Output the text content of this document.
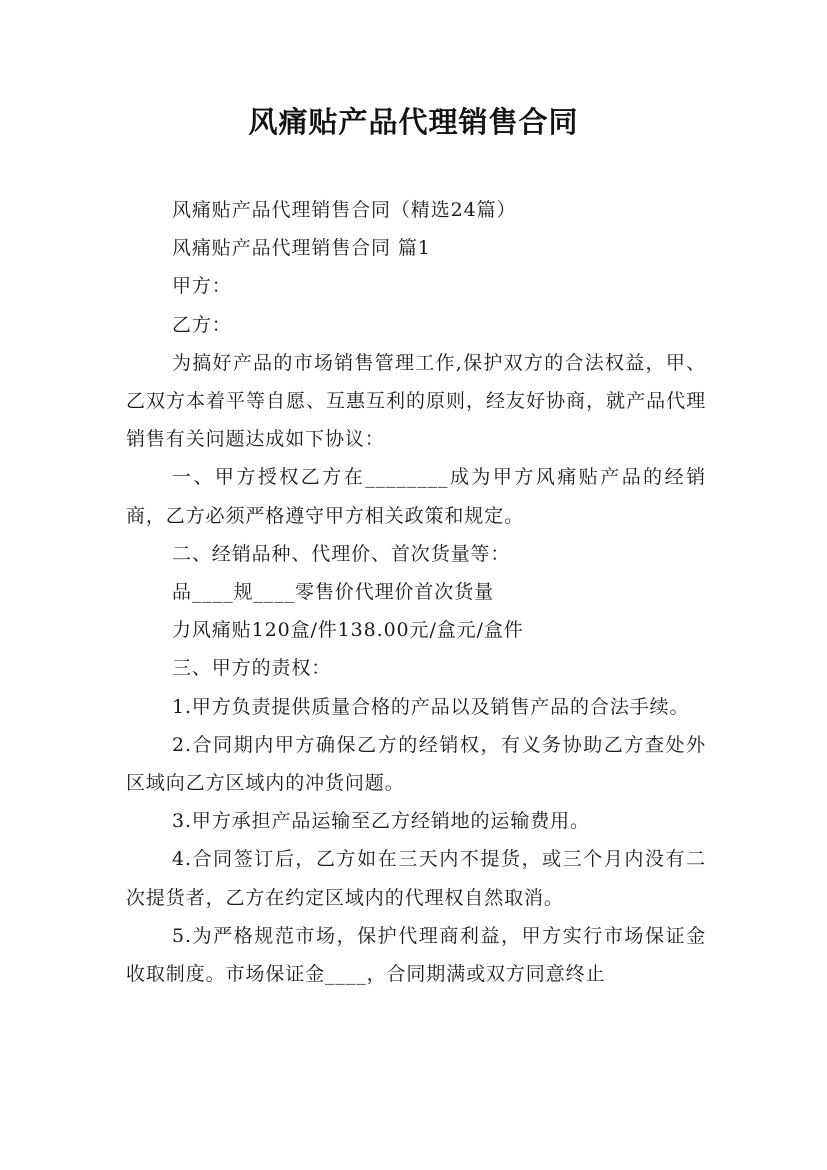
风痛贴产品代理销售合同

风痛贴产品代理销售合同（精选24篇）

风痛贴产品代理销售合同 篇1

甲方：

乙方：

为搞好产品的市场销售管理工作,保护双方的合法权益，甲、乙双方本着平等自愿、互惠互利的原则，经友好协商，就产品代理销售有关问题达成如下协议：

一、甲方授权乙方在________成为甲方风痛贴产品的经销商，乙方必须严格遵守甲方相关政策和规定。

二、经销品种、代理价、首次货量等：

品____规____零售价代理价首次货量

力风痛贴120盒/件138.00元/盒元/盒件

三、甲方的责权：

1.甲方负责提供质量合格的产品以及销售产品的合法手续。

2.合同期内甲方确保乙方的经销权，有义务协助乙方查处外区域向乙方区域内的冲货问题。

3.甲方承担产品运输至乙方经销地的运输费用。

4.合同签订后，乙方如在三天内不提货，或三个月内没有二次提货者，乙方在约定区域内的代理权自然取消。

5.为严格规范市场，保护代理商利益，甲方实行市场保证金收取制度。市场保证金____，合同期满或双方同意终止
